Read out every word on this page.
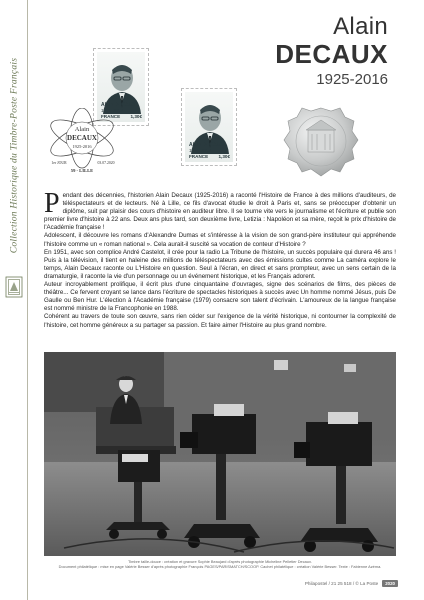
Collection Historique du Timbre-Poste Français
Alain
DECAUX
1925-2016
Alain DECAUX
1925-2016
FRANCE 1,30€
Alain DECAUX
1925-2016
FRANCE 1,30€
Alain
DECAUX
1925-2016
1er JOUR	03.07.2020
59 - LILLE

Pendant des décennies, l'historien Alain Decaux (1925-2016) a raconté l'Histoire de France à des millions d'auditeurs, de téléspectateurs et de lecteurs. Né à Lille, ce fils d'avocat étudie le droit à Paris et, sans se préoccuper d'obtenir un diplôme, suit par plaisir des cours d'histoire en auditeur libre. Il se tourne vite vers le journalisme et l'écriture et publie son premier livre d'histoire à 22 ans. Deux ans plus tard, son deuxième livre, Letizia : Napoléon et sa mère, reçoit le prix d'histoire de l'Académie française !

Adolescent, il découvre les romans d'Alexandre Dumas et s'intéresse à la vision de son grand-père instituteur qui appréhende l'histoire comme un « roman national ». Cela aurait-il suscité sa vocation de conteur d'Histoire ?

En 1951, avec son complice André Castelot, il crée pour la radio La Tribune de l'histoire, un succès populaire qui durera 46 ans ! Puis à la télévision, il tient en haleine des millions de téléspectateurs avec des émissions cultes comme La caméra explore le temps, Alain Decaux raconte ou L'Histoire en question. Seul à l'écran, en direct et sans prompteur, avec un sens certain de la dramaturgie, il raconte la vie d'un personnage ou un événement historique, et les Français adorent.

Auteur incroyablement prolifique, il écrit plus d'une cinquantaine d'ouvrages, signe des scénarios de films, des pièces de théâtre... Ce fervent croyant se lance dans l'écriture de spectacles historiques à succès avec Un homme nommé Jésus, puis De Gaulle ou Ben Hur. L'élection à l'Académie française (1979) consacre son talent d'écrivain. L'amoureux de la langue française est nommé ministre de la Francophonie en 1988.

Cohérent au travers de toute son œuvre, sans rien céder sur l'exigence de la vérité historique, ni contourner la complexité de l'histoire, cet homme généreux a su partager sa passion. Et faire aimer l'Histoire au plus grand nombre.

Timbre taille-douce : création et gravure Sophie Beaujard d'après photographie Micheline Pelletier Decaux.
Document philatélique : mise en page Valérie Besser d'après photographie François PAGES/PARISMATCH/SCOOP. Cachet philatélique : création Valérie Besser. Texte : Fabienne Azéma.
Philapostel / 21 25 518 / © La Poste	2020
